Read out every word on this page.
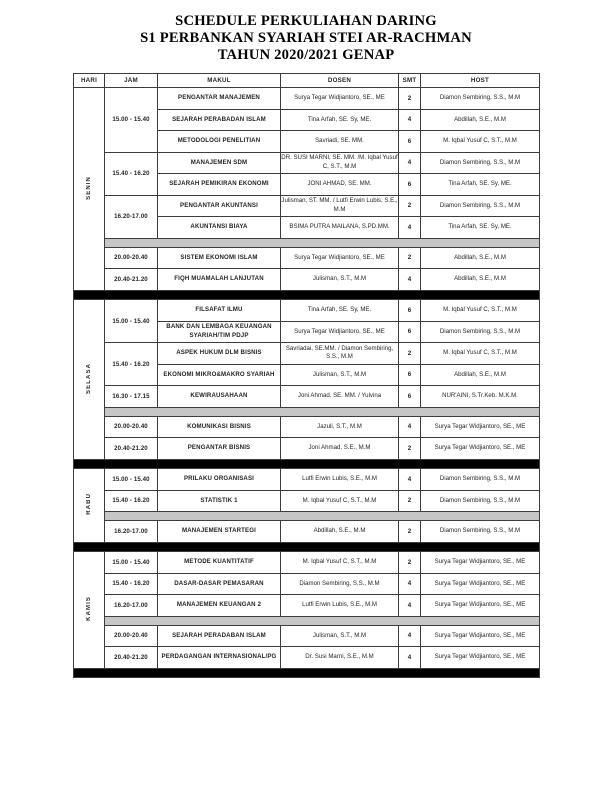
SCHEDULE PERKULIAHAN DARING
S1 PERBANKAN SYARIAH STEI AR-RACHMAN
TAHUN 2020/2021 GENAP
HARI	JAM	MAKUL	DOSEN	SMT	HOST
SENIN	15.00 - 15.40	PENGANTAR MANAJEMEN	Surya Tegar Widjiantoro, SE., ME	2	Diamon Sembiring, S.S., M.M
		SEJARAH PERABADAN ISLAM	Tina Arfah, SE. Sy, ME.	4	Abdillah, S.E., M.M
		METODOLOGI PENELITIAN	Savriadi, SE. MM.	6	M. Iqbal Yusuf C, S.T., M.M
	15.40 - 16.20	MANAJEMEN SDM	DR. SUSI MARNI, SE. MM. /M. Iqbal Yusuf C, S.T., M.M	4	Diamon Sembiring, S.S., M.M
		SEJARAH PEMIKIRAN EKONOMI	JONI AHMAD, SE. MM.	6	Tina Arfah, SE. Sy, ME.
	16.20-17.00	PENGANTAR AKUNTANSI	Julisman, ST. MM. / Lutfi Erwin Lubis, S.E., M.M	2	Diamon Sembiring, S.S., M.M
		AKUNTANSI BIAYA	BSIMA PUTRA MAILANA, S.PD.MM.	4	Tina Arfah, SE. Sy, ME.

	20.00-20.40	SISTEM EKONOMI ISLAM	Surya Tegar Widjiantoro, SE., ME	2	Abdillah, S.E., M.M
	20.40-21.20	FIQH MUAMALAH LANJUTAN	Julisman, S.T., M.M	4	Abdillah, S.E., M.M

SELASA	15.00 - 15.40	FILSAFAT ILMU	Tina Arfah, SE. Sy, ME.	6	M. Iqbal Yusuf C, S.T., M.M
		BANK DAN LEMBAGA KEUANGAN SYARIAH/TIM PDJP	Surya Tegar Widjiantoro, SE., ME	6	Diamon Sembiring, S.S., M.M
	15.40 - 16.20	ASPEK HUKUM DLM BISNIS	Savriadai, SE.MM. / Diamon Sembiring, S.S., M.M	2	M. Iqbal Yusuf C, S.T., M.M
		EKONOMI MIKRO&MAKRO SYARIAH	Julisman, S.T., M.M	6	Abdillah, S.E., M.M
	16.30 - 17.15	KEWIRAUSAHAAN	Joni Ahmad. SE. MM. / Yulvina	6	NUR'AINI, S.Tr.Keb. M.K.M.

	20.00-20.40	KOMUNIKASI BISNIS	Jazuli, S.T., M.M	4	Surya Tegar Widjiantoro, SE., ME
	20.40-21.20	PENGANTAR BISNIS	Joni Ahmad, S.E., M.M	2	Surya Tegar Widjiantoro, SE., ME

RABU	15.00 - 15.40	PRILAKU ORGANISASI	Lutfi Erwin Lubis, S.E., M.M	4	Diamon Sembiring, S.S., M.M
	15.40 - 16.20	STATISTIK 1	M. Iqbal Yusuf C, S.T., M.M	2	Diamon Sembiring, S.S., M.M

	16.20-17.00	MANAJEMEN STARTEGI	Abdillah, S.E., M.M	2	Diamon Sembiring, S.S., M.M

KAMIS	15.00 - 15.40	METODE KUANTITATIF	M. Iqbal Yusuf C, S.T., M.M	2	Surya Tegar Widjiantoro, SE., ME
	15.40 - 16.20	DASAR-DASAR PEMASARAN	Diamon Sembiring, S.S., M.M	4	Surya Tegar Widjiantoro, SE., ME
	16.20-17.00	MANAJEMEN KEUANGAN 2	Lutfi Erwin Lubis, S.E., M.M	4	Surya Tegar Widjiantoro, SE., ME

	20.00-20.40	SEJARAH PERADABAN ISLAM	Julisman, S.T., M.M	4	Surya Tegar Widjiantoro, SE., ME
	20.40-21.20	PERDAGANGAN INTERNASIONAL/PG	Dr. Susi Marni, S.E., M.M	4	Surya Tegar Widjiantoro, SE., ME
